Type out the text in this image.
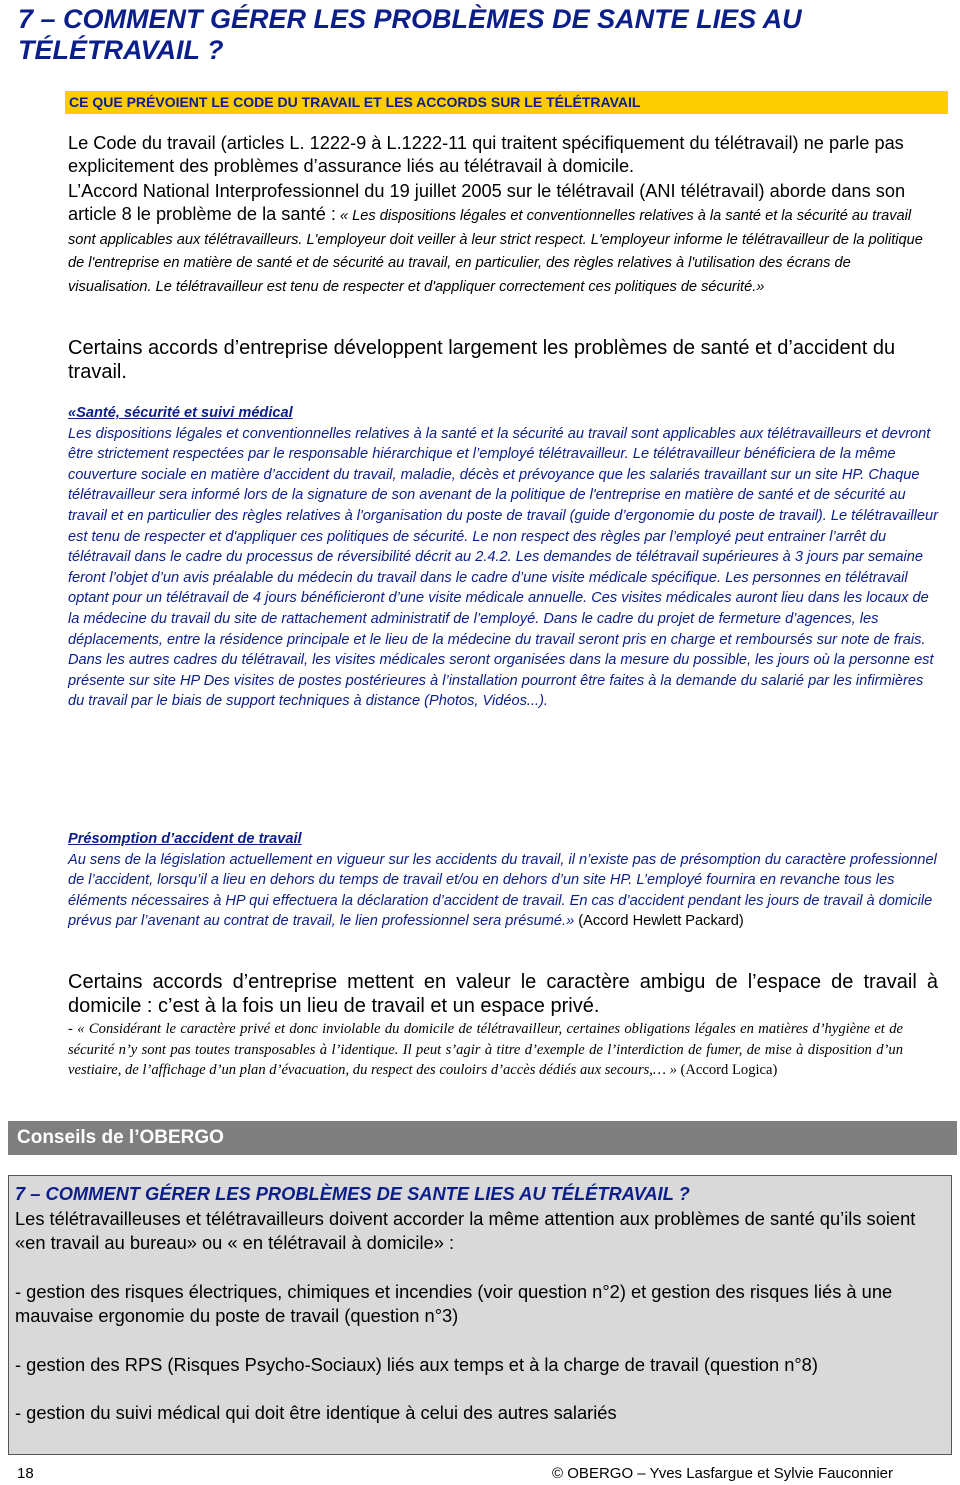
7 – COMMENT GÉRER LES PROBLÈMES DE SANTE LIES AU TÉLÉTRAVAIL ?
CE QUE PRÉVOIENT LE CODE DU TRAVAIL ET LES ACCORDS SUR LE TÉLÉTRAVAIL
Le Code du travail (articles L. 1222-9 à L.1222-11 qui traitent spécifiquement du télétravail) ne parle pas explicitement des problèmes d’assurance liés au télétravail à domicile.
L’Accord National Interprofessionnel du 19 juillet 2005 sur le télétravail (ANI télétravail) aborde dans son article 8 le problème de la santé : « Les dispositions légales et conventionnelles relatives à la santé et la sécurité au travail sont applicables aux télétravailleurs. L'employeur doit veiller à leur strict respect. L'employeur informe le télétravailleur de la politique de l'entreprise en matière de santé et de sécurité au travail, en particulier, des règles relatives à l'utilisation des écrans de visualisation. Le télétravailleur est tenu de respecter et d'appliquer correctement ces politiques de sécurité.»
Certains accords d’entreprise développent largement les problèmes de santé et d’accident du travail.
«Santé, sécurité et suivi médical
Les dispositions légales et conventionnelles relatives à la santé et la sécurité au travail sont applicables aux télétravailleurs et devront être strictement respectées par le responsable hiérarchique et l’employé télétravailleur. Le télétravailleur bénéficiera de la même couverture sociale en matière d’accident du travail, maladie, décès et prévoyance que les salariés travaillant sur un site HP. Chaque télétravailleur sera informé lors de la signature de son avenant de la politique de l'entreprise en matière de santé et de sécurité au travail et en particulier des règles relatives à l'organisation du poste de travail (guide d’ergonomie du poste de travail). Le télétravailleur est tenu de respecter et d'appliquer ces politiques de sécurité. Le non respect des règles par l’employé peut entrainer l’arrêt du télétravail dans le cadre du processus de réversibilité décrit au 2.4.2. Les demandes de télétravail supérieures à 3 jours par semaine feront l’objet d’un avis préalable du médecin du travail dans le cadre d’une visite médicale spécifique. Les personnes en télétravail optant pour un télétravail de 4 jours bénéficieront d’une visite médicale annuelle. Ces visites médicales auront lieu dans les locaux de la médecine du travail du site de rattachement administratif de l’employé. Dans le cadre du projet de fermeture d’agences, les déplacements, entre la résidence principale et le lieu de la médecine du travail seront pris en charge et remboursés sur note de frais. Dans les autres cadres du télétravail, les visites médicales seront organisées dans la mesure du possible, les jours où la personne est présente sur site HP Des visites de postes postérieures à l’installation pourront être faites à la demande du salarié par les infirmières du travail par le biais de support techniques à distance (Photos, Vidéos...).
Présomption d’accident de travail
Au sens de la législation actuellement en vigueur sur les accidents du travail, il n’existe pas de présomption du caractère professionnel de l’accident, lorsqu’il a lieu en dehors du temps de travail et/ou en dehors d’un site HP. L’employé fournira en revanche tous les éléments nécessaires à HP qui effectuera la déclaration d’accident de travail. En cas d’accident pendant les jours de travail à domicile prévus par l’avenant au contrat de travail, le lien professionnel sera présumé.» (Accord Hewlett Packard)
Certains accords d’entreprise mettent en valeur le caractère ambigu de l’espace de travail à domicile : c’est à la fois un lieu de travail et un espace privé.
- « Considérant le caractère privé et donc inviolable du domicile de télétravailleur, certaines obligations légales en matières d’hygiène et de sécurité n’y sont pas toutes transposables à l’identique. Il peut s’agir à titre d’exemple de l’interdiction de fumer, de mise à disposition d’un vestiaire, de l’affichage d’un plan d’évacuation, du respect des couloirs d’accès dédiés aux secours,… » (Accord Logica)
Conseils de l’OBERGO
7 – COMMENT GÉRER LES PROBLÈMES DE SANTE LIES AU TÉLÉTRAVAIL ?
Les télétravailleuses et télétravailleurs doivent accorder la même attention aux problèmes de santé qu’ils soient «en travail au bureau» ou « en télétravail à domicile» :
- gestion des risques électriques, chimiques et incendies (voir question n°2) et gestion des risques liés à une mauvaise ergonomie du poste de travail (question n°3)
- gestion des RPS (Risques Psycho-Sociaux) liés aux temps et à la charge de travail (question n°8)
- gestion du suivi médical qui doit être identique à celui des autres salariés
18	© OBERGO – Yves Lasfargue et Sylvie Fauconnier
